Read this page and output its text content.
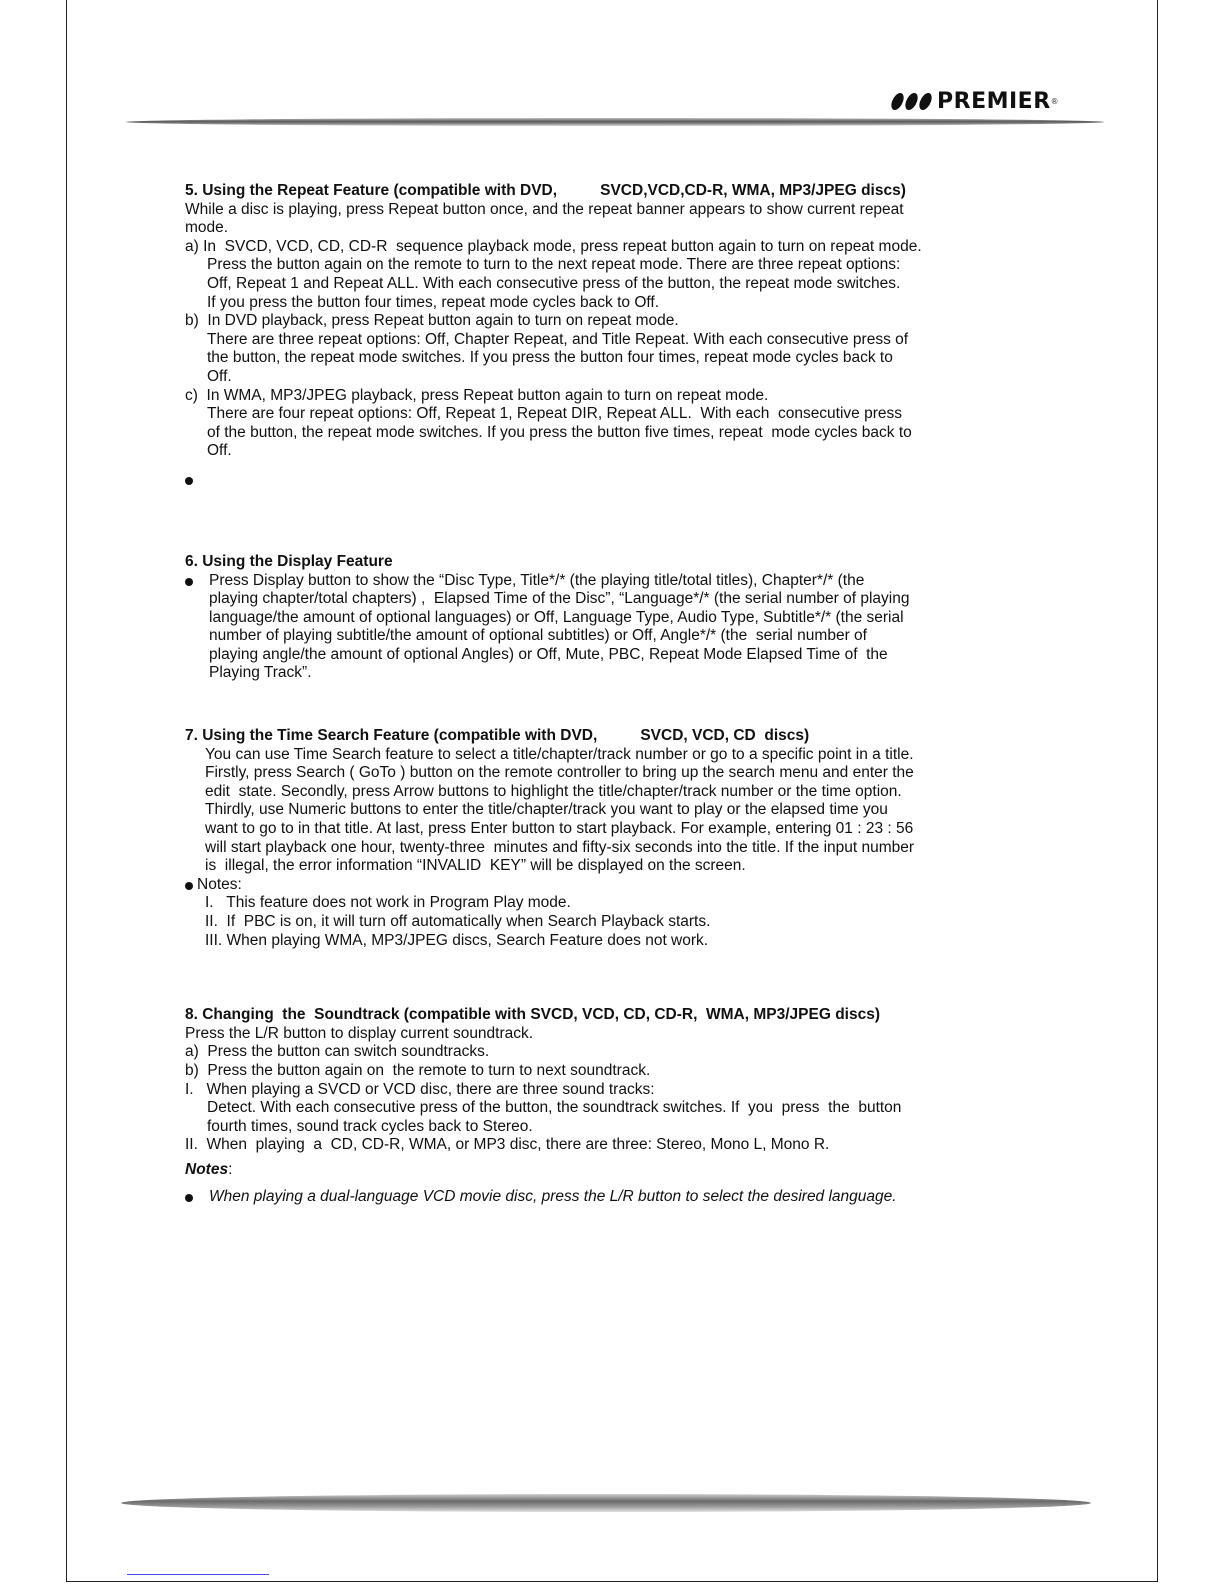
PREMIER ®
5. Using the Repeat Feature (compatible with DVD,          SVCD,VCD,CD-R, WMA, MP3/JPEG discs)
While a disc is playing, press Repeat button once, and the repeat banner appears to show current repeat
mode.
a) In  SVCD, VCD, CD, CD-R  sequence playback mode, press repeat button again to turn on repeat mode.
Press the button again on the remote to turn to the next repeat mode. There are three repeat options:
Off, Repeat 1 and Repeat ALL. With each consecutive press of the button, the repeat mode switches.
If you press the button four times, repeat mode cycles back to Off.
b)  In DVD playback, press Repeat button again to turn on repeat mode.
There are three repeat options: Off, Chapter Repeat, and Title Repeat. With each consecutive press of
the button, the repeat mode switches. If you press the button four times, repeat mode cycles back to
Off.
c)  In WMA, MP3/JPEG playback, press Repeat button again to turn on repeat mode.
There are four repeat options: Off, Repeat 1, Repeat DIR, Repeat ALL.  With each  consecutive press
of the button, the repeat mode switches. If you press the button five times, repeat  mode cycles back to
Off.
6. Using the Display Feature
Press Display button to show the “Disc Type, Title*/* (the playing title/total titles), Chapter*/* (the
playing chapter/total chapters) ,  Elapsed Time of the Disc”, “Language*/* (the serial number of playing
language/the amount of optional languages) or Off, Language Type, Audio Type, Subtitle*/* (the serial
number of playing subtitle/the amount of optional subtitles) or Off, Angle*/* (the  serial number of
playing angle/the amount of optional Angles) or Off, Mute, PBC, Repeat Mode Elapsed Time of  the
Playing Track”.
7. Using the Time Search Feature (compatible with DVD,          SVCD, VCD, CD  discs)
You can use Time Search feature to select a title/chapter/track number or go to a specific point in a title.
Firstly, press Search ( GoTo ) button on the remote controller to bring up the search menu and enter the
edit  state. Secondly, press Arrow buttons to highlight the title/chapter/track number or the time option.
Thirdly, use Numeric buttons to enter the title/chapter/track you want to play or the elapsed time you
want to go to in that title. At last, press Enter button to start playback. For example, entering 01 : 23 : 56
will start playback one hour, twenty-three  minutes and fifty-six seconds into the title. If the input number
is  illegal, the error information “INVALID  KEY” will be displayed on the screen.
Notes:
I.   This feature does not work in Program Play mode.
II.  If  PBC is on, it will turn off automatically when Search Playback starts.
III. When playing WMA, MP3/JPEG discs, Search Feature does not work.
8. Changing  the  Soundtrack (compatible with SVCD, VCD, CD, CD-R,  WMA, MP3/JPEG discs)
Press the L/R button to display current soundtrack.
a)  Press the button can switch soundtracks.
b)  Press the button again on  the remote to turn to next soundtrack.
I.   When playing a SVCD or VCD disc, there are three sound tracks:
Detect. With each consecutive press of the button, the soundtrack switches. If  you  press  the  button
fourth times, sound track cycles back to Stereo.
II.  When  playing  a  CD, CD-R, WMA, or MP3 disc, there are three: Stereo, Mono L, Mono R.
Notes:
When playing a dual-language VCD movie disc, press the L/R button to select the desired language.
